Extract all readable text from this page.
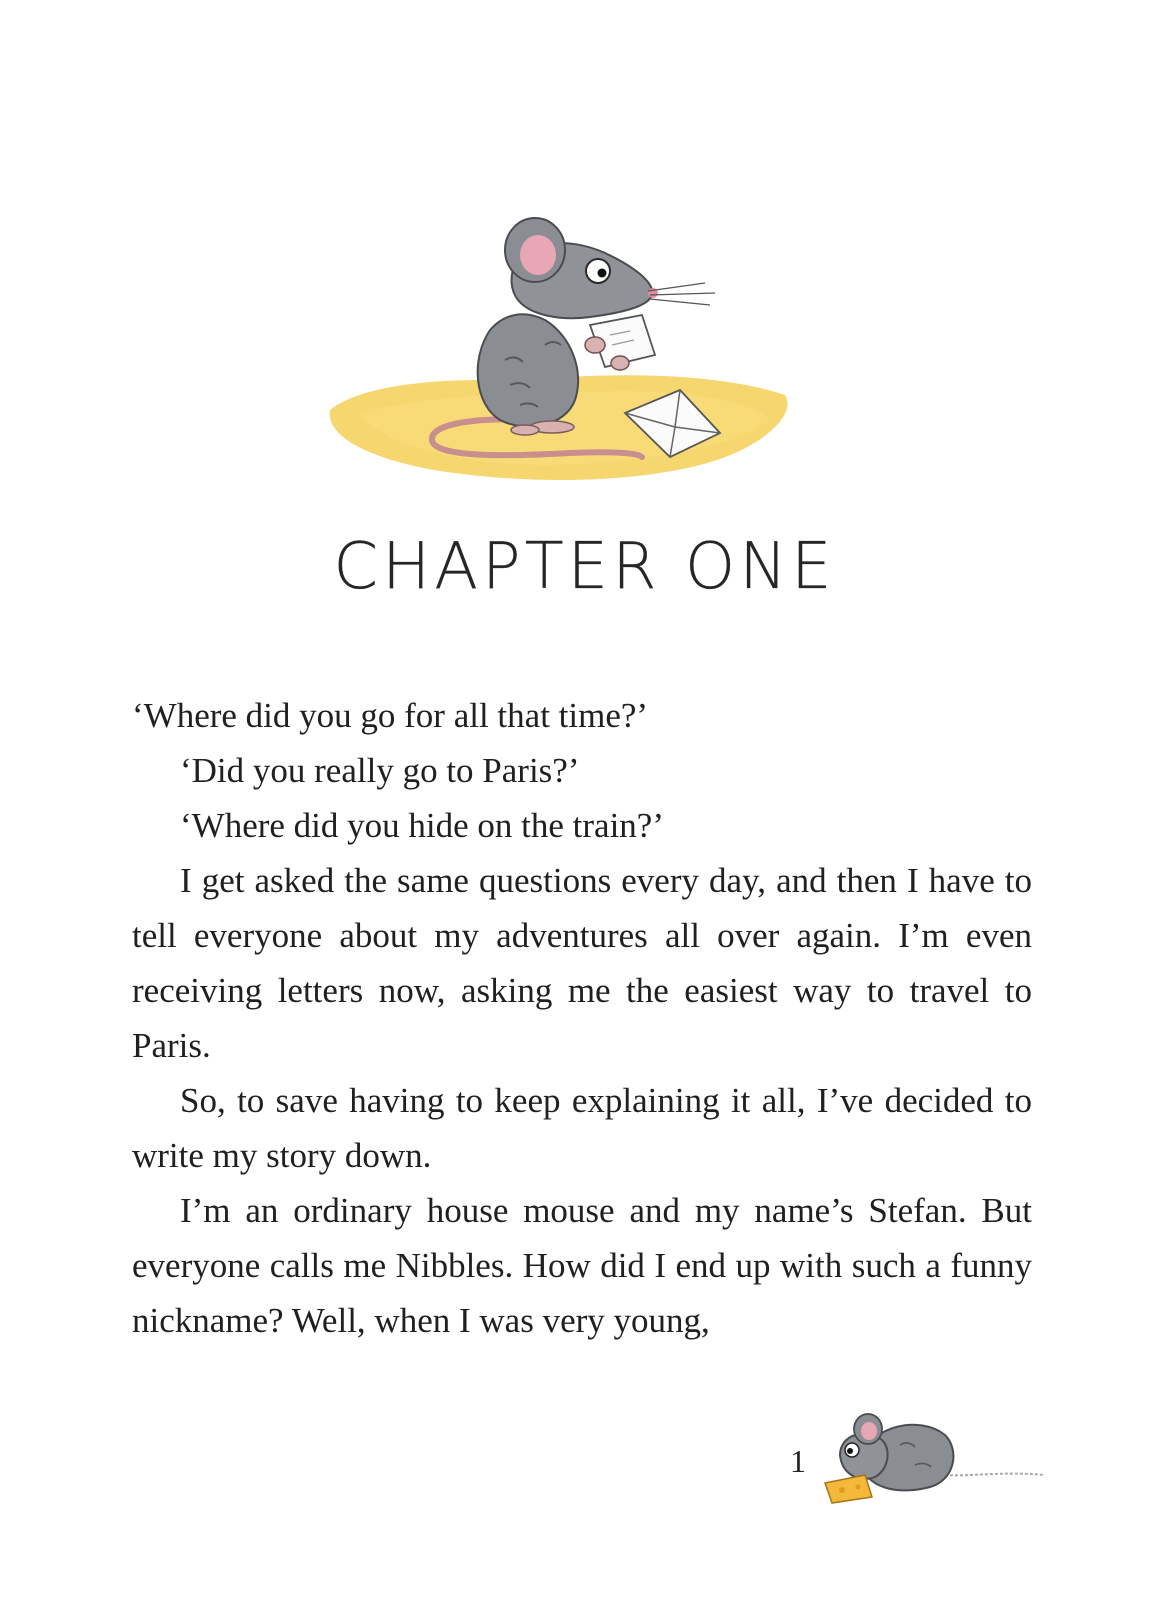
CHAPTER ONE

‘Where did you go for all that time?’

‘Did you really go to Paris?’

‘Where did you hide on the train?’

I get asked the same questions every day, and then I have to tell everyone about my adventures all over again. I’m even receiving letters now, asking me the easiest way to travel to Paris.

So, to save having to keep explaining it all, I’ve decided to write my story down.

I’m an ordinary house mouse and my name’s Stefan. But everyone calls me Nibbles. How did I end up with such a funny nickname? Well, when I was very young,

1
